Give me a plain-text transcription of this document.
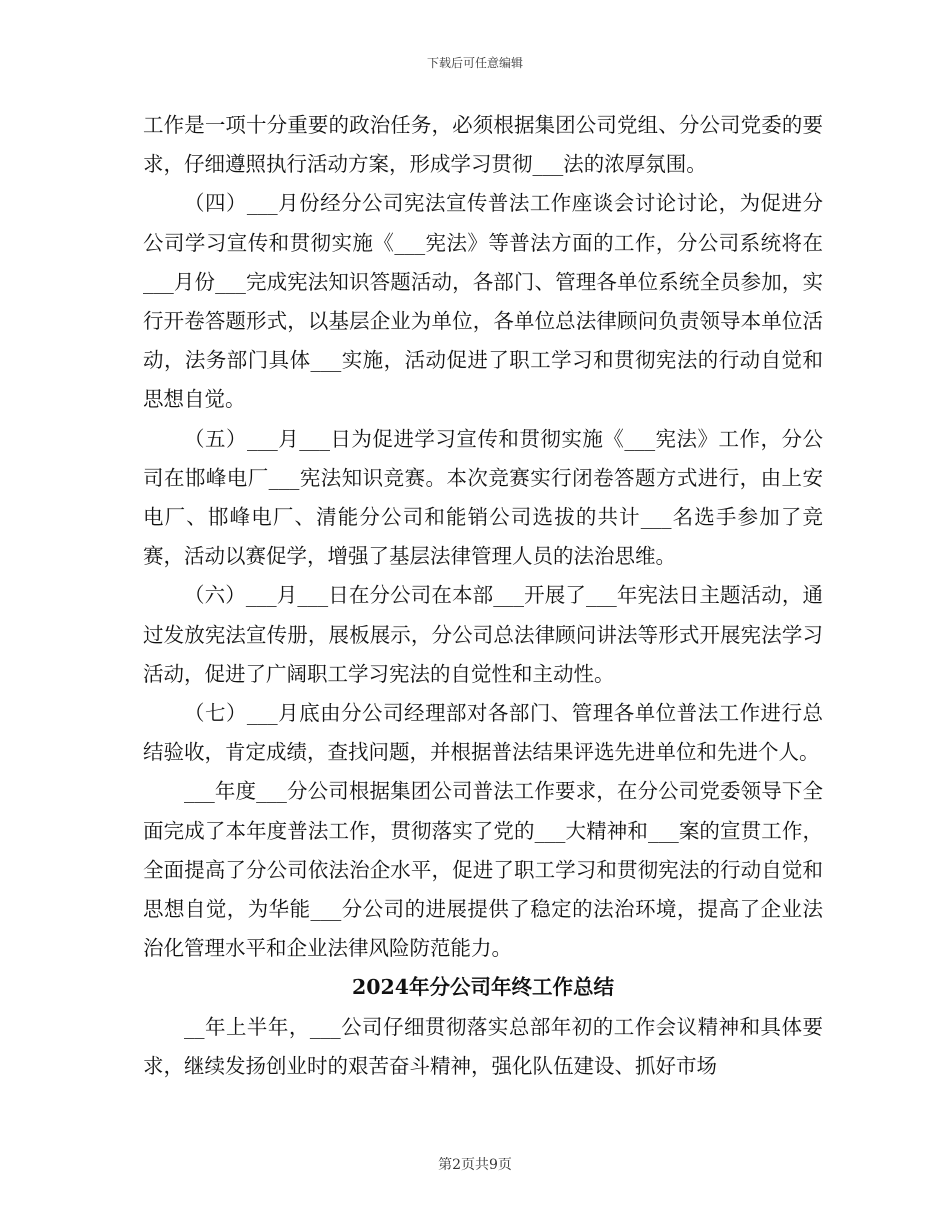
下载后可任意编辑

工作是一项十分重要的政治任务，必须根据集团公司党组、分公司党委的要求，仔细遵照执行活动方案，形成学习贯彻___法的浓厚氛围。

（四）___月份经分公司宪法宣传普法工作座谈会讨论讨论，为促进分公司学习宣传和贯彻实施《___宪法》等普法方面的工作，分公司系统将在___月份___完成宪法知识答题活动，各部门、管理各单位系统全员参加，实行开卷答题形式，以基层企业为单位，各单位总法律顾问负责领导本单位活动，法务部门具体___实施，活动促进了职工学习和贯彻宪法的行动自觉和思想自觉。

（五）___月___日为促进学习宣传和贯彻实施《___宪法》工作，分公司在邯峰电厂___宪法知识竞赛。本次竞赛实行闭卷答题方式进行，由上安电厂、邯峰电厂、清能分公司和能销公司选拔的共计___名选手参加了竞赛，活动以赛促学，增强了基层法律管理人员的法治思维。

（六）___月___日在分公司在本部___开展了___年宪法日主题活动，通过发放宪法宣传册，展板展示，分公司总法律顾问讲法等形式开展宪法学习活动，促进了广阔职工学习宪法的自觉性和主动性。

（七）___月底由分公司经理部对各部门、管理各单位普法工作进行总结验收，肯定成绩，查找问题，并根据普法结果评选先进单位和先进个人。

___年度___分公司根据集团公司普法工作要求，在分公司党委领导下全面完成了本年度普法工作，贯彻落实了党的___大精神和___案的宣贯工作，全面提高了分公司依法治企水平，促进了职工学习和贯彻宪法的行动自觉和思想自觉，为华能___分公司的进展提供了稳定的法治环境，提高了企业法治化管理水平和企业法律风险防范能力。

2024年分公司年终工作总结

__年上半年，___公司仔细贯彻落实总部年初的工作会议精神和具体要求，继续发扬创业时的艰苦奋斗精神，强化队伍建设、抓好市场

第2页共9页
